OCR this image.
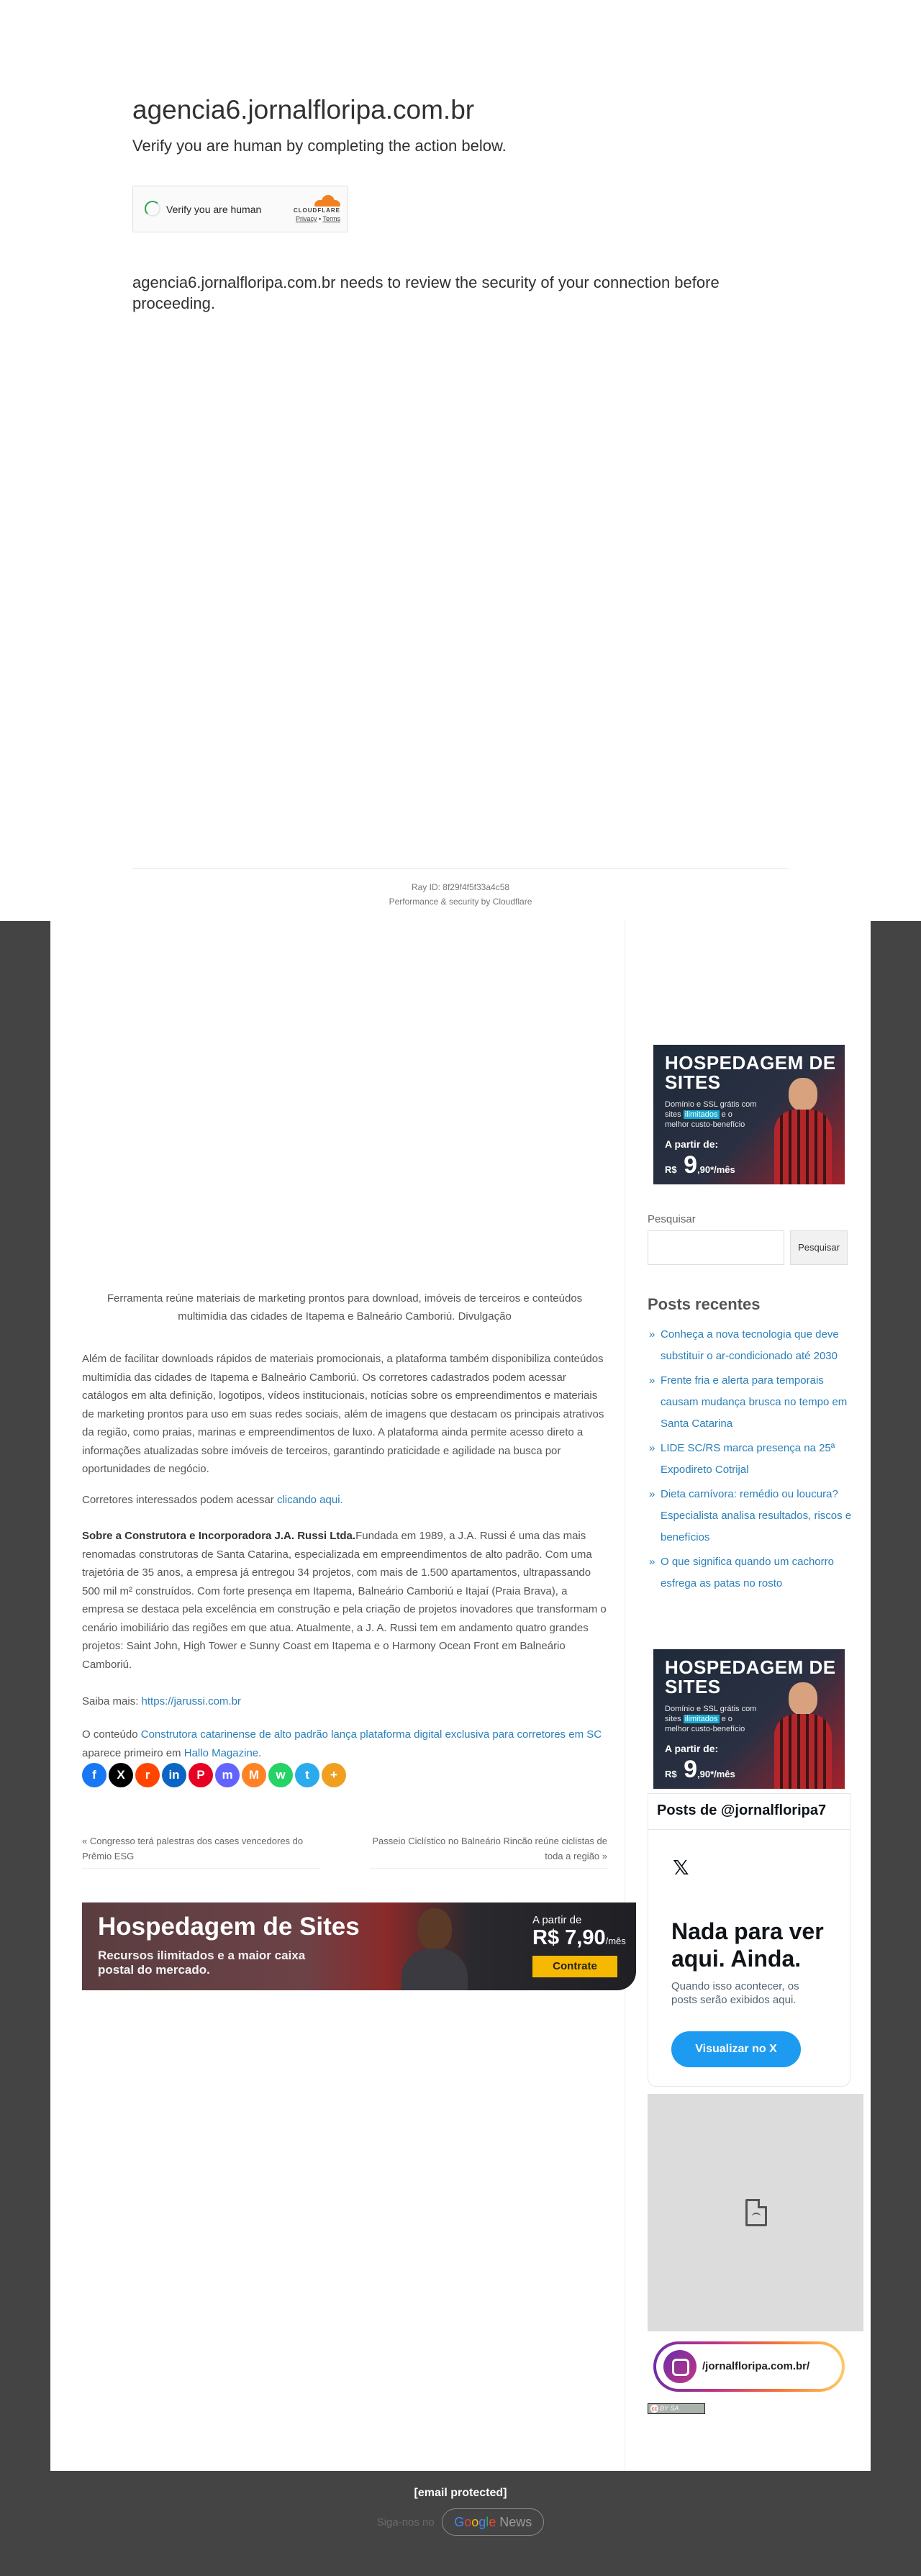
agencia6.jornalfloripa.com.br

Verify you are human by completing the action below.

Verify you are human	CLOUDFLARE
Privacy • Terms

agencia6.jornalfloripa.com.br needs to review the security of your connection before proceeding.

Ray ID: 8f29f4f5f33a4c58
Performance & security by Cloudflare

Ferramenta reúne materiais de marketing prontos para download, imóveis de terceiros e conteúdos multimídia das cidades de Itapema e Balneário Camboriú. Divulgação

Além de facilitar downloads rápidos de materiais promocionais, a plataforma também disponibiliza conteúdos multimídia das cidades de Itapema e Balneário Camboriú. Os corretores cadastrados podem acessar catálogos em alta definição, logotipos, vídeos institucionais, notícias sobre os empreendimentos e materiais de marketing prontos para uso em suas redes sociais, além de imagens que destacam os principais atrativos da região, como praias, marinas e empreendimentos de luxo. A plataforma ainda permite acesso direto a informações atualizadas sobre imóveis de terceiros, garantindo praticidade e agilidade na busca por oportunidades de negócio.

Corretores interessados podem acessar clicando aqui.

Sobre a Construtora e Incorporadora J.A. Russi Ltda.Fundada em 1989, a J.A. Russi é uma das mais renomadas construtoras de Santa Catarina, especializada em empreendimentos de alto padrão. Com uma trajetória de 35 anos, a empresa já entregou 34 projetos, com mais de 1.500 apartamentos, ultrapassando 500 mil m² construídos. Com forte presença em Itapema, Balneário Camboriú e Itajaí (Praia Brava), a empresa se destaca pela excelência em construção e pela criação de projetos inovadores que transformam o cenário imobiliário das regiões em que atua. Atualmente, a J. A. Russi tem em andamento quatro grandes projetos: Saint John, High Tower e Sunny Coast em Itapema e o Harmony Ocean Front em Balneário Camboriú.

Saiba mais: https://jarussi.com.br

O conteúdo Construtora catarinense de alto padrão lança plataforma digital exclusiva para corretores em SC aparece primeiro em Hallo Magazine.

f X r in P m M w t +
« Congresso terá palestras dos cases vencedores do Prêmio ESG
Passeio Ciclístico no Balneário Rincão reúne ciclistas de toda a região »
Hospedagem de Sites
Recursos ilimitados e a maior caixa postal do mercado.
A partir de
R$ 7,90/mês
Contrate
HOSPEDAGEM DE SITES
Domínio e SSL grátis com sites ilimitados e o melhor custo-benefício
A partir de:
R$ 9,90*/mês
Pesquisar
Pesquisar
Posts recentes
» Conheça a nova tecnologia que deve substituir o ar-condicionado até 2030
» Frente fria e alerta para temporais causam mudança brusca no tempo em Santa Catarina
» LIDE SC/RS marca presença na 25ª Expodireto Cotrijal
» Dieta carnívora: remédio ou loucura? Especialista analisa resultados, riscos e benefícios
» O que significa quando um cachorro esfrega as patas no rosto
HOSPEDAGEM DE SITES
Domínio e SSL grátis com sites ilimitados e o melhor custo-benefício
A partir de:
R$ 9,90*/mês
Posts de @jornalfloripa7
𝕏
Nada para ver aqui. Ainda.
Quando isso acontecer, os posts serão exibidos aqui.
Visualizar no X
/jornalfloripa.com.br/
cc BY SA
[email protected]
Siga-nos no Google News
